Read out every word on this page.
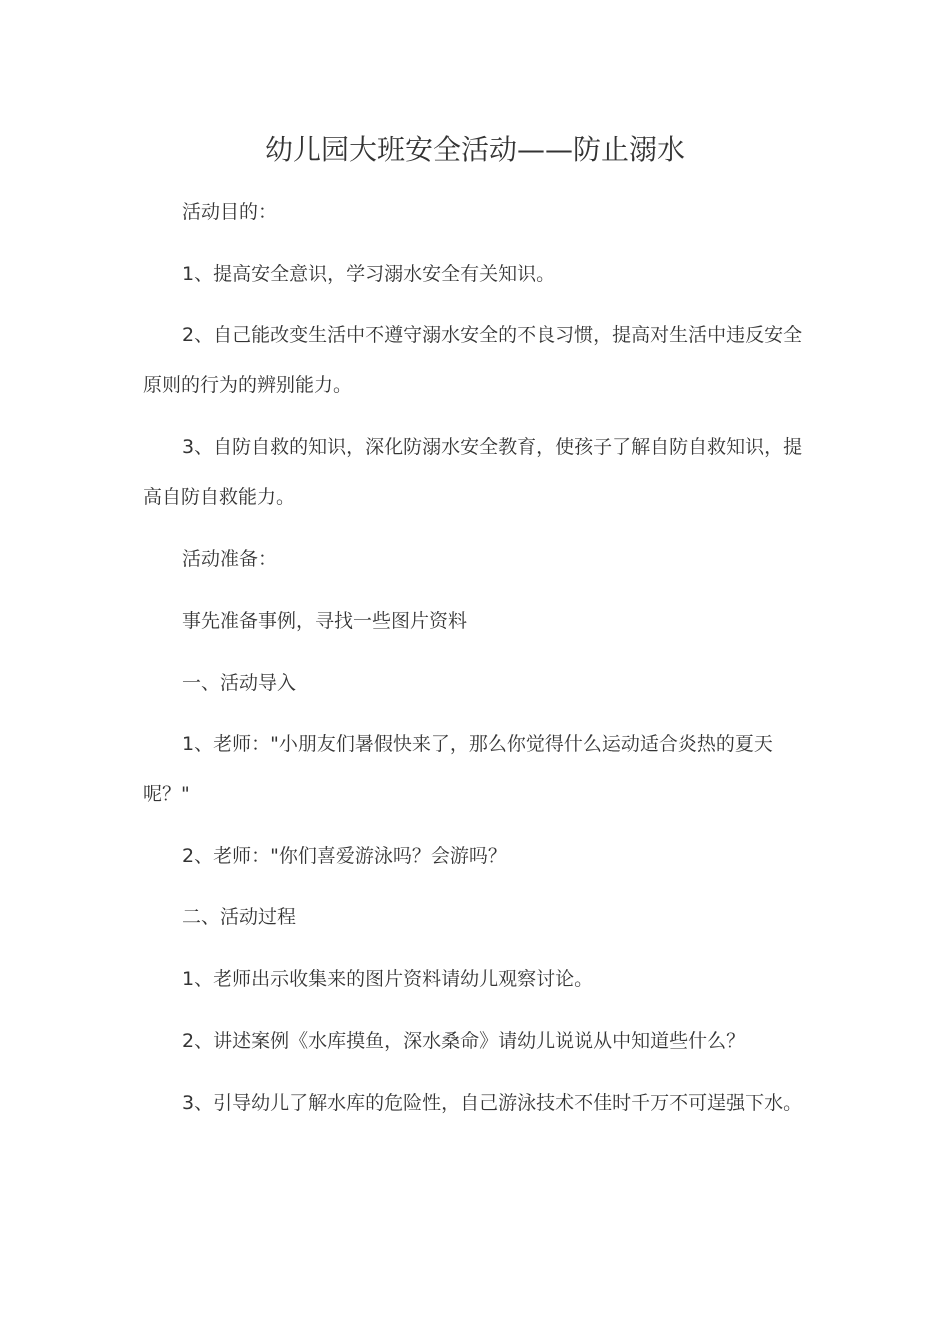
幼儿园大班安全活动——防止溺水
活动目的：
1、提高安全意识，学习溺水安全有关知识。
2、自己能改变生活中不遵守溺水安全的不良习惯，提高对生活中违反安全原则的行为的辨别能力。
3、自防自救的知识，深化防溺水安全教育，使孩子了解自防自救知识，提高自防自救能力。
活动准备：
事先准备事例，寻找一些图片资料
一、活动导入
1、老师："小朋友们暑假快来了，那么你觉得什么运动适合炎热的夏天呢？"
2、老师："你们喜爱游泳吗？会游吗？
二、活动过程
1、老师出示收集来的图片资料请幼儿观察讨论。
2、讲述案例《水库摸鱼，深水桑命》请幼儿说说从中知道些什么？
3、引导幼儿了解水库的危险性，自己游泳技术不佳时千万不可逞强下水。
